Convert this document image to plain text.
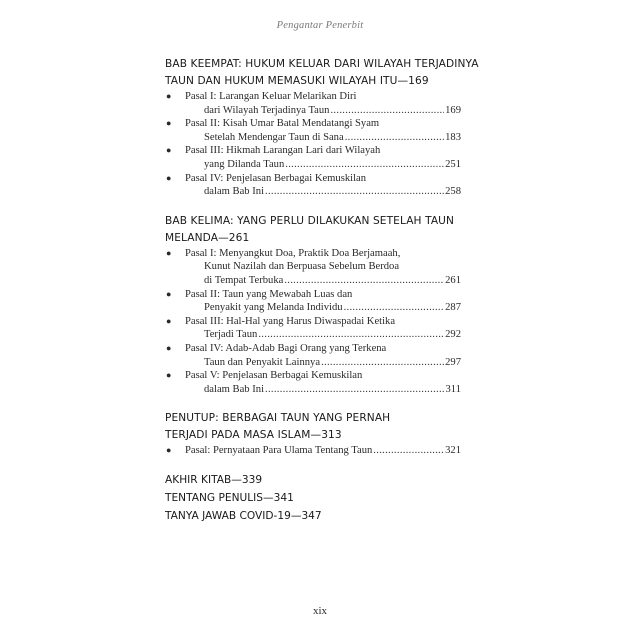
Pengantar Penerbit
BAB KEEMPAT: HUKUM KELUAR DARI WILAYAH TERJADINYA
TAUN DAN HUKUM MEMASUKI WILAYAH ITU—169
● Pasal I: Larangan Keluar Melarikan Diri
dari Wilayah Terjadinya Taun .....	169
● Pasal II: Kisah Umar Batal Mendatangi Syam
Setelah Mendengar Taun di Sana .....	183
● Pasal III: Hikmah Larangan Lari dari Wilayah
yang Dilanda Taun .....	251
● Pasal IV: Penjelasan Berbagai Kemuskilan
dalam Bab Ini .....	258
BAB KELIMA: YANG PERLU DILAKUKAN SETELAH TAUN
MELANDA—261
● Pasal I: Menyangkut Doa, Praktik Doa Berjamaah,
Kunut Nazilah dan Berpuasa Sebelum Berdoa
di Tempat Terbuka .....	261
● Pasal II: Taun yang Mewabah Luas dan
Penyakit yang Melanda Individu .....	287
● Pasal III: Hal-Hal yang Harus Diwaspadai Ketika
Terjadi Taun .....	292
● Pasal IV: Adab-Adab Bagi Orang yang Terkena
Taun dan Penyakit Lainnya .....	297
● Pasal V: Penjelasan Berbagai Kemuskilan
dalam Bab Ini .....	311
PENUTUP: BERBAGAI TAUN YANG PERNAH
TERJADI PADA MASA ISLAM—313
● Pasal: Pernyataan Para Ulama Tentang Taun .....	321
AKHIR KITAB—339
TENTANG PENULIS—341
TANYA JAWAB COVID-19—347
xix
